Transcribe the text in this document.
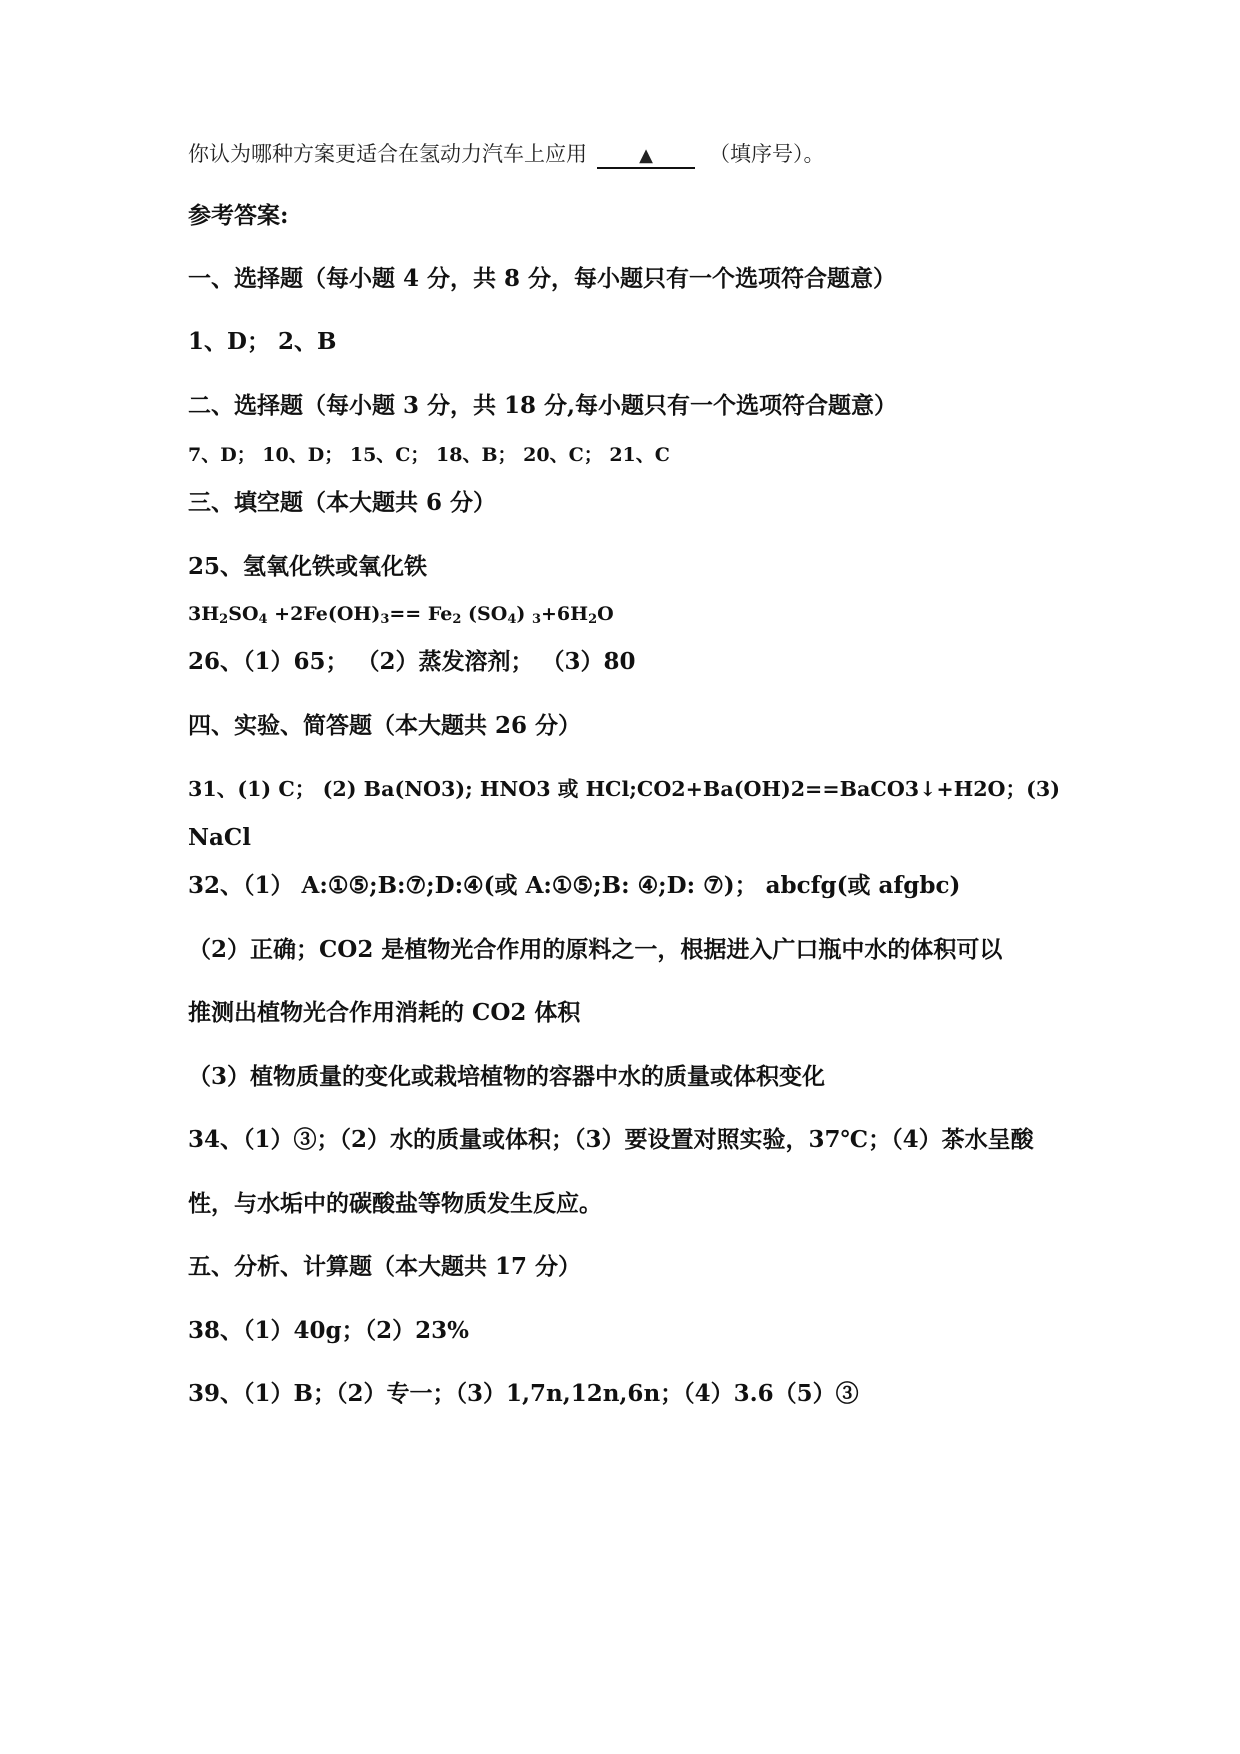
你认为哪种方案更适合在氢动力汽车上应用	▲	（填序号）。
参考答案:
一、选择题（每小题 4 分，共 8 分，每小题只有一个选项符合题意）
1、D； 2、B
二、选择题（每小题 3 分，共 18 分,每小题只有一个选项符合题意）
7、D； 10、D； 15、C； 18、B； 20、C； 21、C
三、填空题（本大题共 6 分）
25、氢氧化铁或氧化铁
$3H_2SO_4 +2Fe(OH)_3== Fe_2$ $(SO_4)$ $_3+6H_2O$
26、（1）65； （2）蒸发溶剂； （3）80
四、实验、简答题（本大题共 26 分）
31、(1) C； (2) Ba(NO3); HNO3 或 HCl;CO2+Ba(OH)2==BaCO3↓+H2O；(3)
NaCl
32、（1） A:①⑤;B:⑦;D:④(或 A:①⑤;B: ④;D: ⑦)； abcfg(或 afgbc)
（2）正确；CO2 是植物光合作用的原料之一，根据进入广口瓶中水的体积可以
推测出植物光合作用消耗的 CO2 体积
（3）植物质量的变化或栽培植物的容器中水的质量或体积变化
34、（1）③；（2）水的质量或体积；（3）要设置对照实验，37℃；（4）茶水呈酸
性，与水垢中的碳酸盐等物质发生反应。
五、分析、计算题（本大题共 17 分）
38、（1）40g；（2）23%
39、（1）B；（2）专一；（3）1,7n,12n,6n；（4）3.6（5）③
